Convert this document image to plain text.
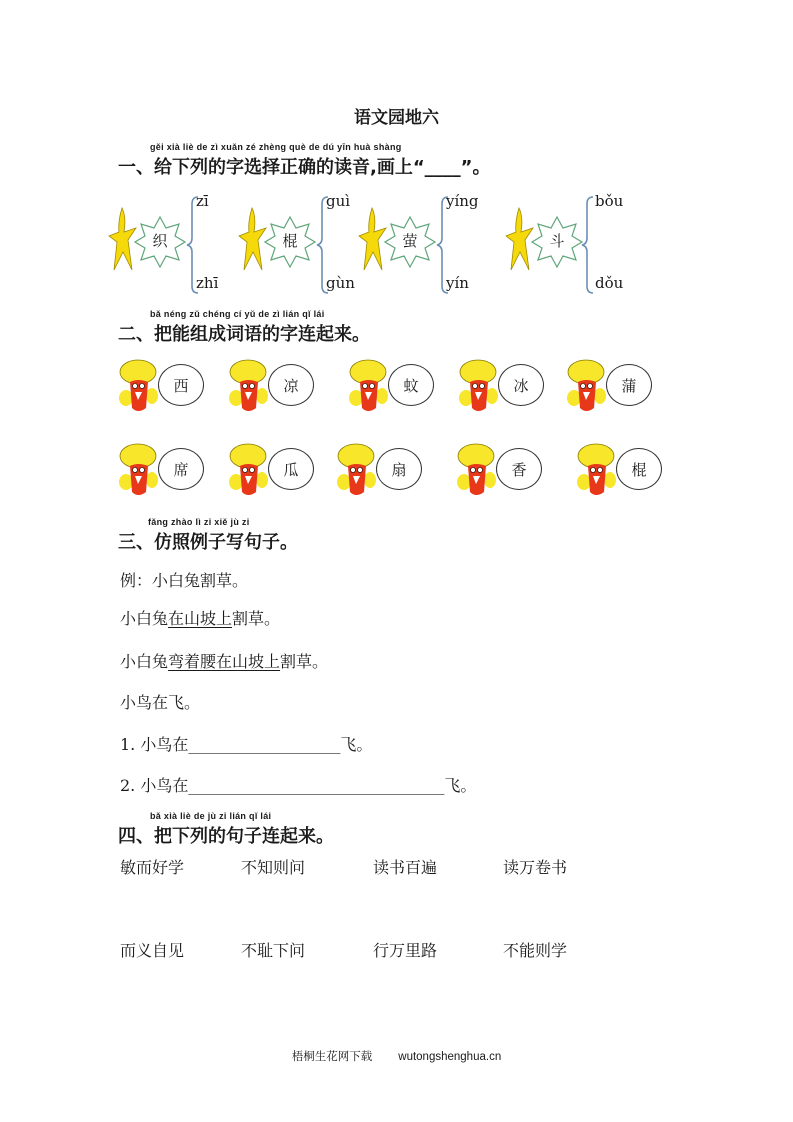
语文园地六
gěi xià liè de zì xuǎn zé zhèng què de dú yīn huà shàng
一、给下列的字选择正确的读音,画上“____”。
织
zī
zhī
棍
guì
gùn
萤
yíng
yín
斗
bǒu
dǒu
bǎ néng zǔ chéng cí yǔ de zì lián qǐ lái
二、把能组成词语的字连起来。
西	凉	蚊	冰	蒲
席	瓜	扇	香	棍
fǎng zhào lì zi xiě jù zi
三、仿照例子写句子。
例：小白兔割草。
小白兔在山坡上割草。
小白兔弯着腰在山坡上割草。
小鸟在飞。
1. 小鸟在___________________飞。
2. 小鸟在________________________________飞。
bǎ xià liè de jù zi lián qǐ lái
四、把下列的句子连起来。
敏而好学	不知则问	读书百遍	读万卷书
而义自见	不耻下问	行万里路	不能则学
梧桐生花网下载 wutongshenghua.cn
